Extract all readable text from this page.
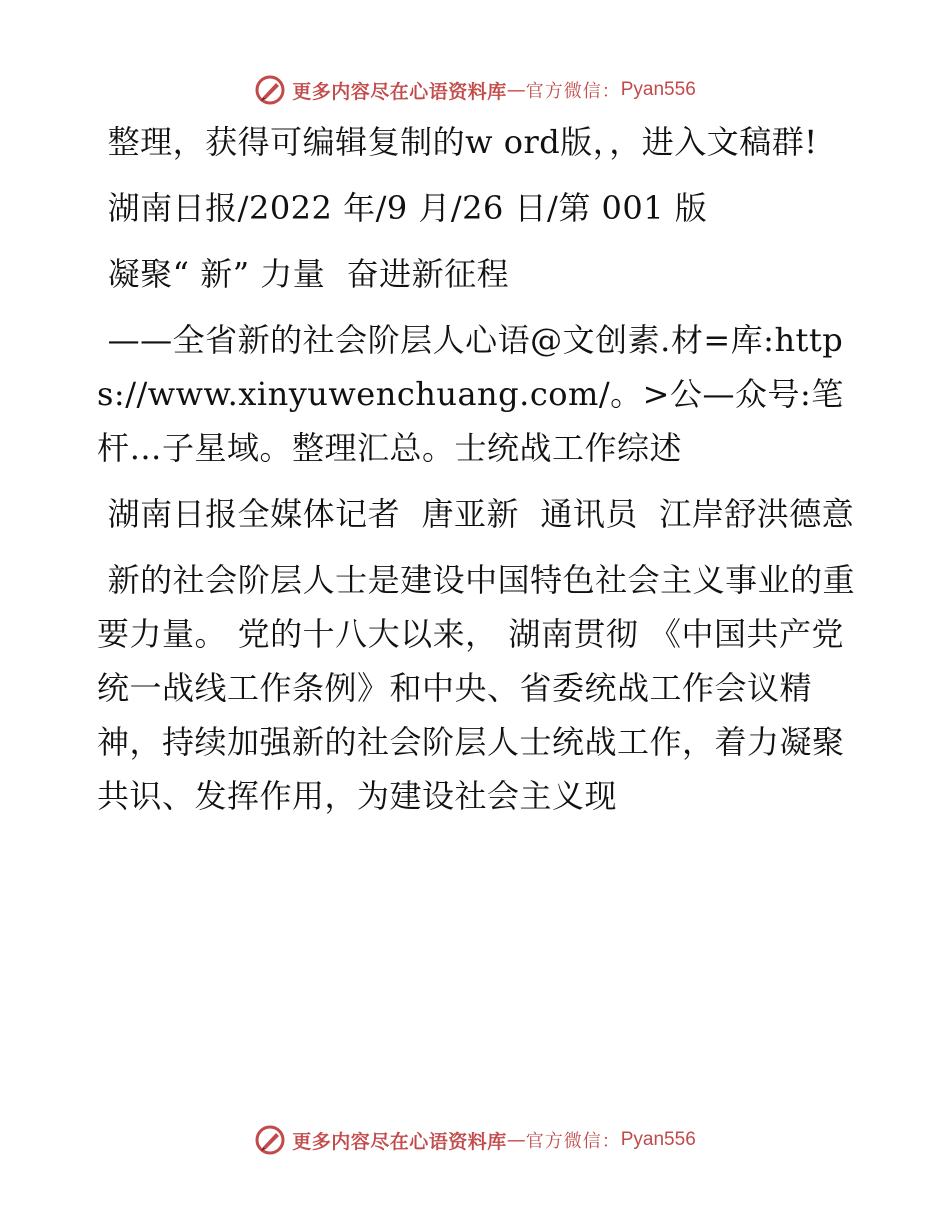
更多内容尽在心语资料库 — 官方微信： Pyan556

整理，获得可编辑复制的w ord版，，进入文稿群!

湖南日报/2022 年/9 月/26 日/第 001 版

凝聚“ 新” 力量  奋进新征程

——全省新的社会阶层人心语@文创素.材=库:https://www.xinyuwenchuang.com/。>公—众号:笔杆…子星域。整理汇总。士统战工作综述

湖南日报全媒体记者  唐亚新  通讯员  江岸舒洪德意

新的社会阶层人士是建设中国特色社会主义事业的重要力量。 党的十八大以来， 湖南贯彻 《中国共产党统一战线工作条例》和中央、省委统战工作会议精神，持续加强新的社会阶层人士统战工作，着力凝聚共识、发挥作用，为建设社会主义现

更多内容尽在心语资料库 — 官方微信： Pyan556
